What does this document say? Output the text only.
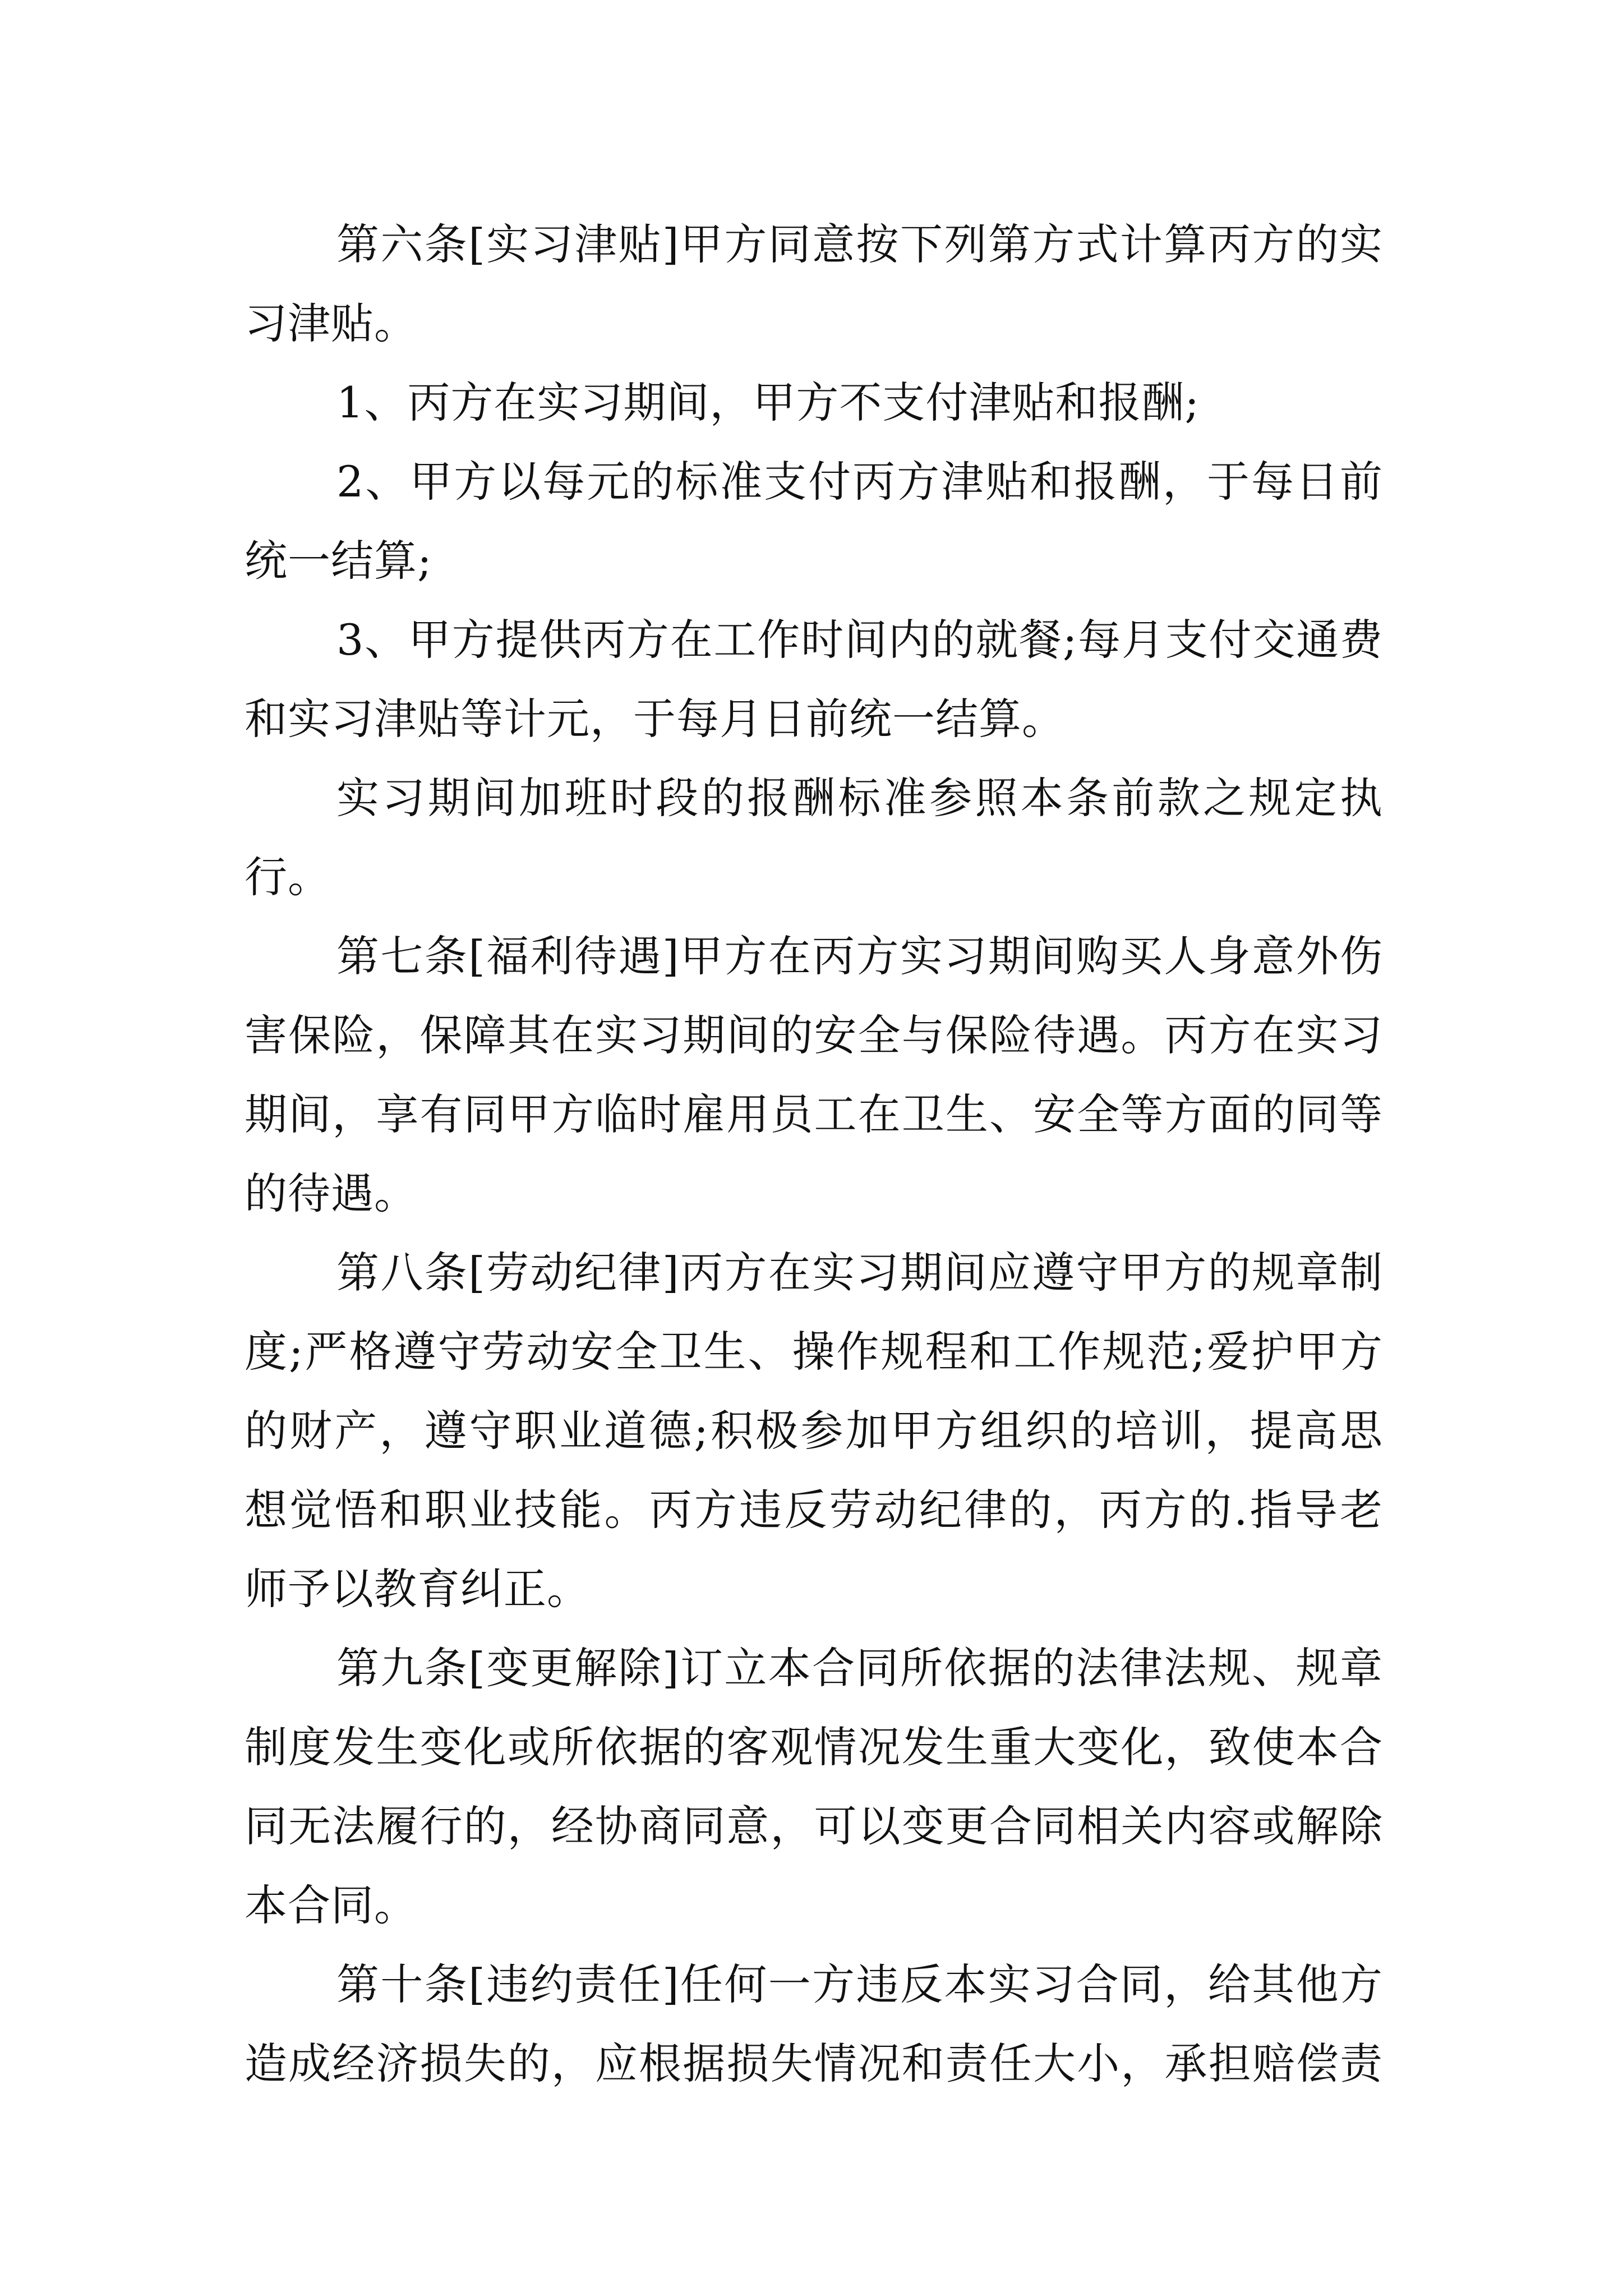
第六条[实习津贴]甲方同意按下列第方式计算丙方的实
习津贴。
1、丙方在实习期间，甲方不支付津贴和报酬;
2、甲方以每元的标准支付丙方津贴和报酬，于每日前
统一结算;
3、甲方提供丙方在工作时间内的就餐;每月支付交通费
和实习津贴等计元，于每月日前统一结算。
实习期间加班时段的报酬标准参照本条前款之规定执
行。
第七条[福利待遇]甲方在丙方实习期间购买人身意外伤
害保险，保障其在实习期间的安全与保险待遇。丙方在实习
期间，享有同甲方临时雇用员工在卫生、安全等方面的同等
的待遇。
第八条[劳动纪律]丙方在实习期间应遵守甲方的规章制
度;严格遵守劳动安全卫生、操作规程和工作规范;爱护甲方
的财产，遵守职业道德;积极参加甲方组织的培训，提高思
想觉悟和职业技能。丙方违反劳动纪律的，丙方的.指导老
师予以教育纠正。
第九条[变更解除]订立本合同所依据的法律法规、规章
制度发生变化或所依据的客观情况发生重大变化，致使本合
同无法履行的，经协商同意，可以变更合同相关内容或解除
本合同。
第十条[违约责任]任何一方违反本实习合同，给其他方
造成经济损失的，应根据损失情况和责任大小，承担赔偿责
